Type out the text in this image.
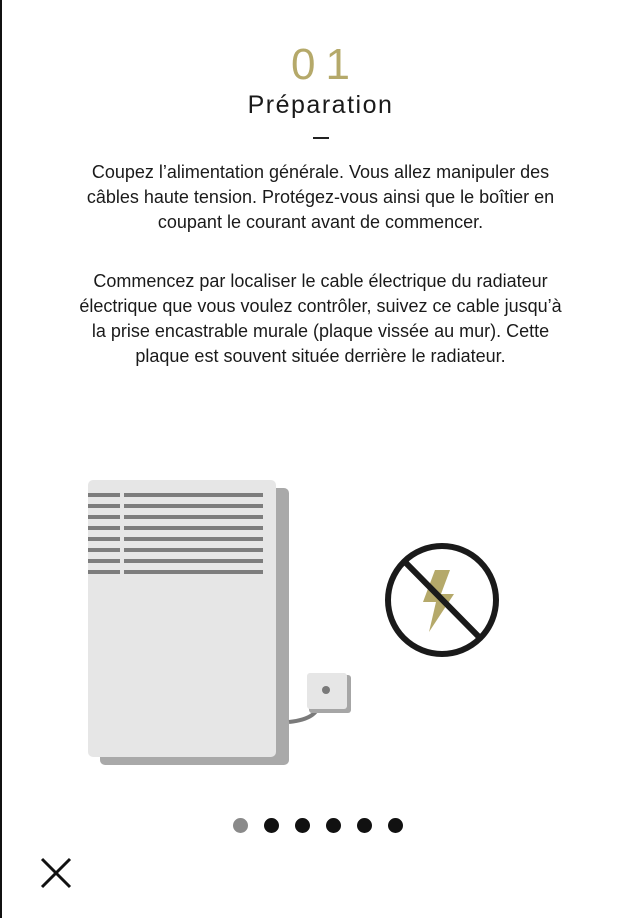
01
Préparation

Coupez l’alimentation générale. Vous allez manipuler des câbles haute tension. Protégez-vous ainsi que le boîtier en coupant le courant avant de commencer.

Commencez par localiser le cable électrique du radiateur électrique que vous voulez contrôler, suivez ce cable jusqu’à la prise encastrable murale (plaque vissée au mur). Cette plaque est souvent située derrière le radiateur.
